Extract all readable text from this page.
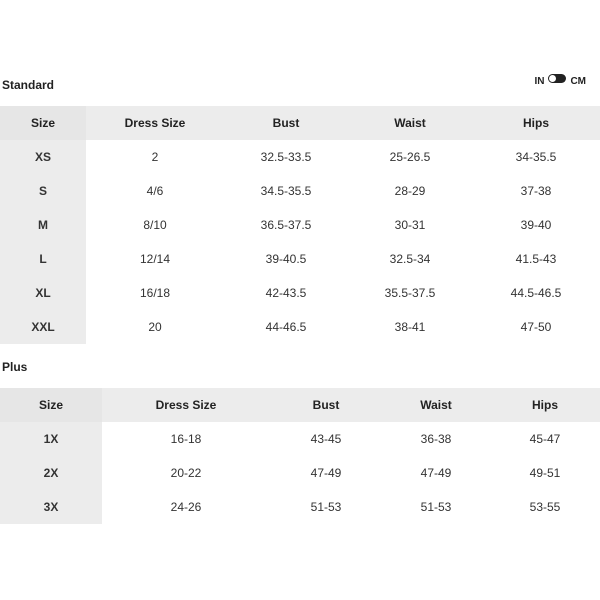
Standard	IN	CM
Size	Dress Size	Bust	Waist	Hips
XS	2	32.5-33.5	25-26.5	34-35.5
S	4/6	34.5-35.5	28-29	37-38
M	8/10	36.5-37.5	30-31	39-40
L	12/14	39-40.5	32.5-34	41.5-43
XL	16/18	42-43.5	35.5-37.5	44.5-46.5
XXL	20	44-46.5	38-41	47-50
Plus
Size	Dress Size	Bust	Waist	Hips
1X	16-18	43-45	36-38	45-47
2X	20-22	47-49	47-49	49-51
3X	24-26	51-53	51-53	53-55
